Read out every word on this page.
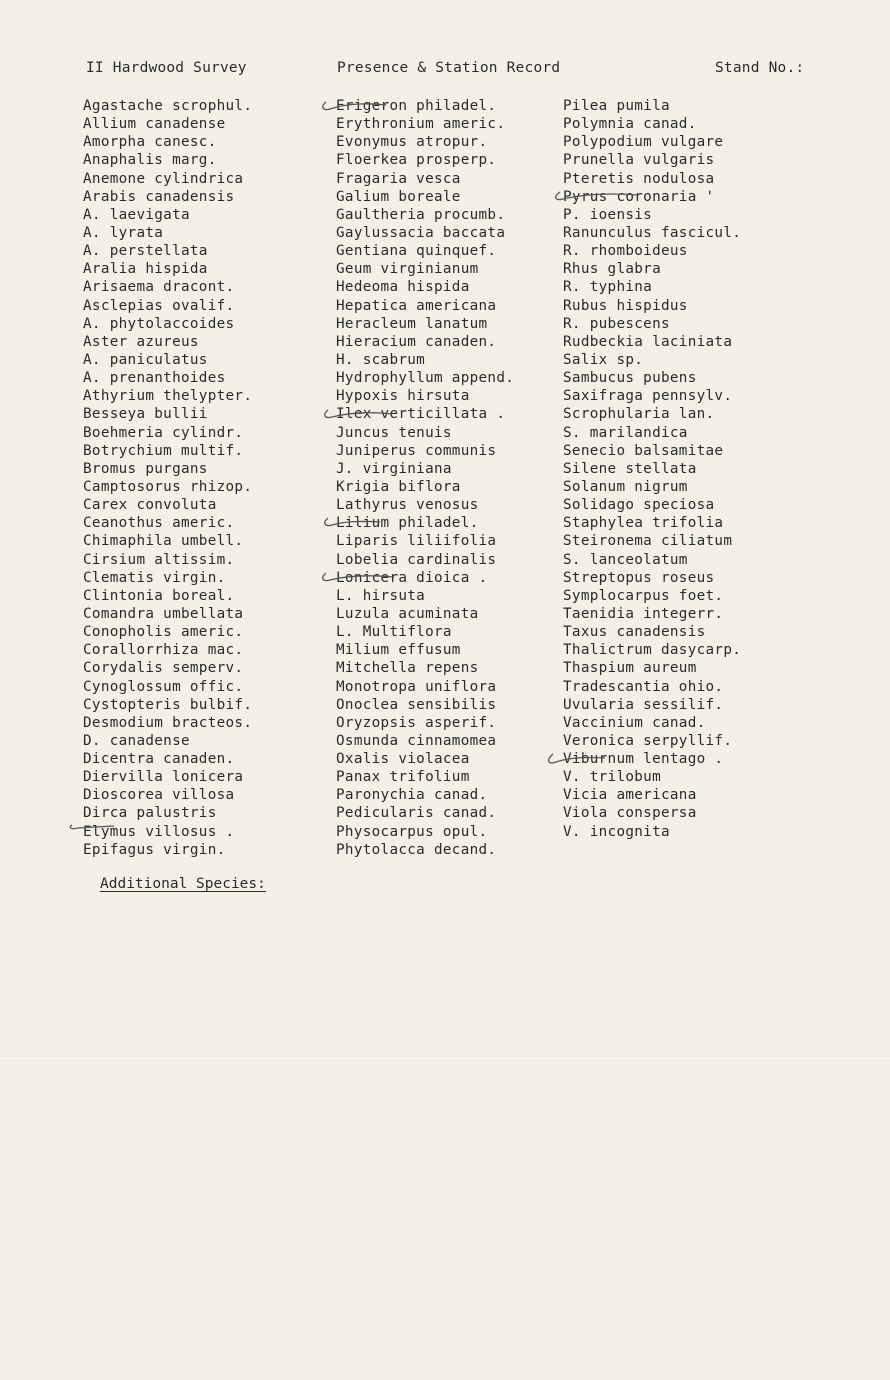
II Hardwood Survey	Presence & Station Record	Stand No.:
Agastache scrophul.
Allium canadense
Amorpha canesc.
Anaphalis marg.
Anemone cylindrica
Arabis canadensis
A. laevigata
A. lyrata
A. perstellata
Aralia hispida
Arisaema dracont.
Asclepias ovalif.
A. phytolaccoides
Aster azureus
A. paniculatus
A. prenanthoides
Athyrium thelypter.
Besseya bullii
Boehmeria cylindr.
Botrychium multif.
Bromus purgans
Camptosorus rhizop.
Carex convoluta
Ceanothus americ.
Chimaphila umbell.
Cirsium altissim.
Clematis virgin.
Clintonia boreal.
Comandra umbellata
Conopholis americ.
Corallorrhiza mac.
Corydalis semperv.
Cynoglossum offic.
Cystopteris bulbif.
Desmodium bracteos.
D. canadense
Dicentra canaden.
Diervilla lonicera
Dioscorea villosa
Dirca palustris
Elymus villosus .
Epifagus virgin.
Erigeron philadel.
Erythronium americ.
Evonymus atropur.
Floerkea prosperp.
Fragaria vesca
Galium boreale
Gaultheria procumb.
Gaylussacia baccata
Gentiana quinquef.
Geum virginianum
Hedeoma hispida
Hepatica americana
Heracleum lanatum
Hieracium canaden.
H. scabrum
Hydrophyllum append.
Hypoxis hirsuta
Ilex verticillata .
Juncus tenuis
Juniperus communis
J. virginiana
Krigia biflora
Lathyrus venosus
Lilium philadel.
Liparis liliifolia
Lobelia cardinalis
Lonicera dioica .
L. hirsuta
Luzula acuminata
L. Multiflora
Milium effusum
Mitchella repens
Monotropa uniflora
Onoclea sensibilis
Oryzopsis asperif.
Osmunda cinnamomea
Oxalis violacea
Panax trifolium
Paronychia canad.
Pedicularis canad.
Physocarpus opul.
Phytolacca decand.
Pilea pumila
Polymnia canad.
Polypodium vulgare
Prunella vulgaris
Pteretis nodulosa
Pyrus coronaria '
P. ioensis
Ranunculus fascicul.
R. rhomboideus
Rhus glabra
R. typhina
Rubus hispidus
R. pubescens
Rudbeckia laciniata
Salix sp.
Sambucus pubens
Saxifraga pennsylv.
Scrophularia lan.
S. marilandica
Senecio balsamitae
Silene stellata
Solanum nigrum
Solidago speciosa
Staphylea trifolia
Steironema ciliatum
S. lanceolatum
Streptopus roseus
Symplocarpus foet.
Taenidia integerr.
Taxus canadensis
Thalictrum dasycarp.
Thaspium aureum
Tradescantia ohio.
Uvularia sessilif.
Vaccinium canad.
Veronica serpyllif.
Viburnum lentago .
V. trilobum
Vicia americana
Viola conspersa
V. incognita
Additional Species:
